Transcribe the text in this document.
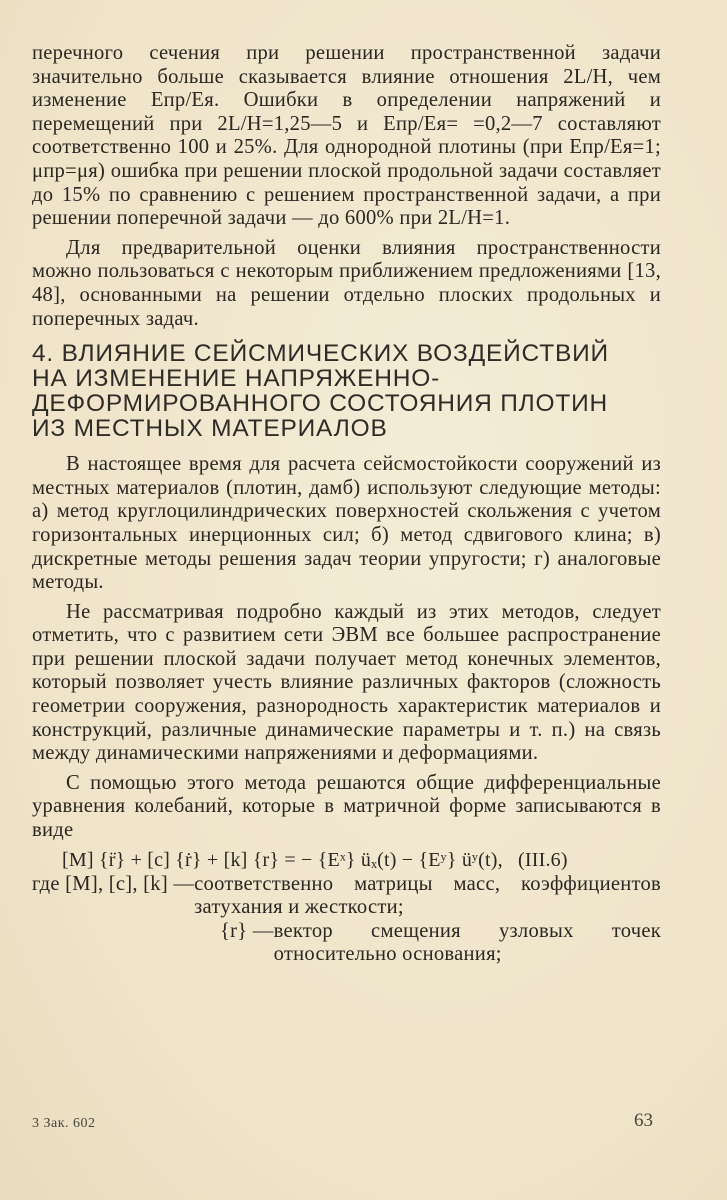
перечного сечения при решении пространственной задачи значительно больше сказывается влияние отношения 2L/H, чем изменение Eпр/Eя. Ошибки в определении напряжений и перемещений при 2L/H=1,25—5 и Eпр/Eя= =0,2—7 составляют соответственно 100 и 25%. Для однородной плотины (при Eпр/Eя=1; μпр=μя) ошибка при решении плоской продольной задачи составляет до 15% по сравнению с решением пространственной задачи, а при решении поперечной задачи — до 600% при 2L/H=1.

Для предварительной оценки влияния пространственности можно пользоваться с некоторым приближением предложениями [13, 48], основанными на решении отдельно плоских продольных и поперечных задач.

4. ВЛИЯНИЕ СЕЙСМИЧЕСКИХ ВОЗДЕЙСТВИЙ
НА ИЗМЕНЕНИЕ НАПРЯЖЕННО-
ДЕФОРМИРОВАННОГО СОСТОЯНИЯ ПЛОТИН
ИЗ МЕСТНЫХ МАТЕРИАЛОВ

В настоящее время для расчета сейсмостойкости сооружений из местных материалов (плотин, дамб) используют следующие методы: а) метод круглоцилиндрических поверхностей скольжения с учетом горизонтальных инерционных сил; б) метод сдвигового клина; в) дискретные методы решения задач теории упругости; г) аналоговые методы.

Не рассматривая подробно каждый из этих методов, следует отметить, что с развитием сети ЭВМ все большее распространение при решении плоской задачи получает метод конечных элементов, который позволяет учесть влияние различных факторов (сложность геометрии сооружения, разнородность характеристик материалов и конструкций, различные динамические параметры и т. п.) на связь между динамическими напряжениями и деформациями.

С помощью этого метода решаются общие дифференциальные уравнения колебаний, которые в матричной форме записываются в виде

[M] {r̈} + [c] {ṙ} + [k] {r} = − {Eˣ} üₓ(t) − {Eʸ} üʸ(t), (III.6)
где [M], [c], [k] — соответственно матрицы масс, коэффициентов затухания и жесткости;
{r} — вектор смещения узловых точек относительно основания;
3 Зак. 602	63
